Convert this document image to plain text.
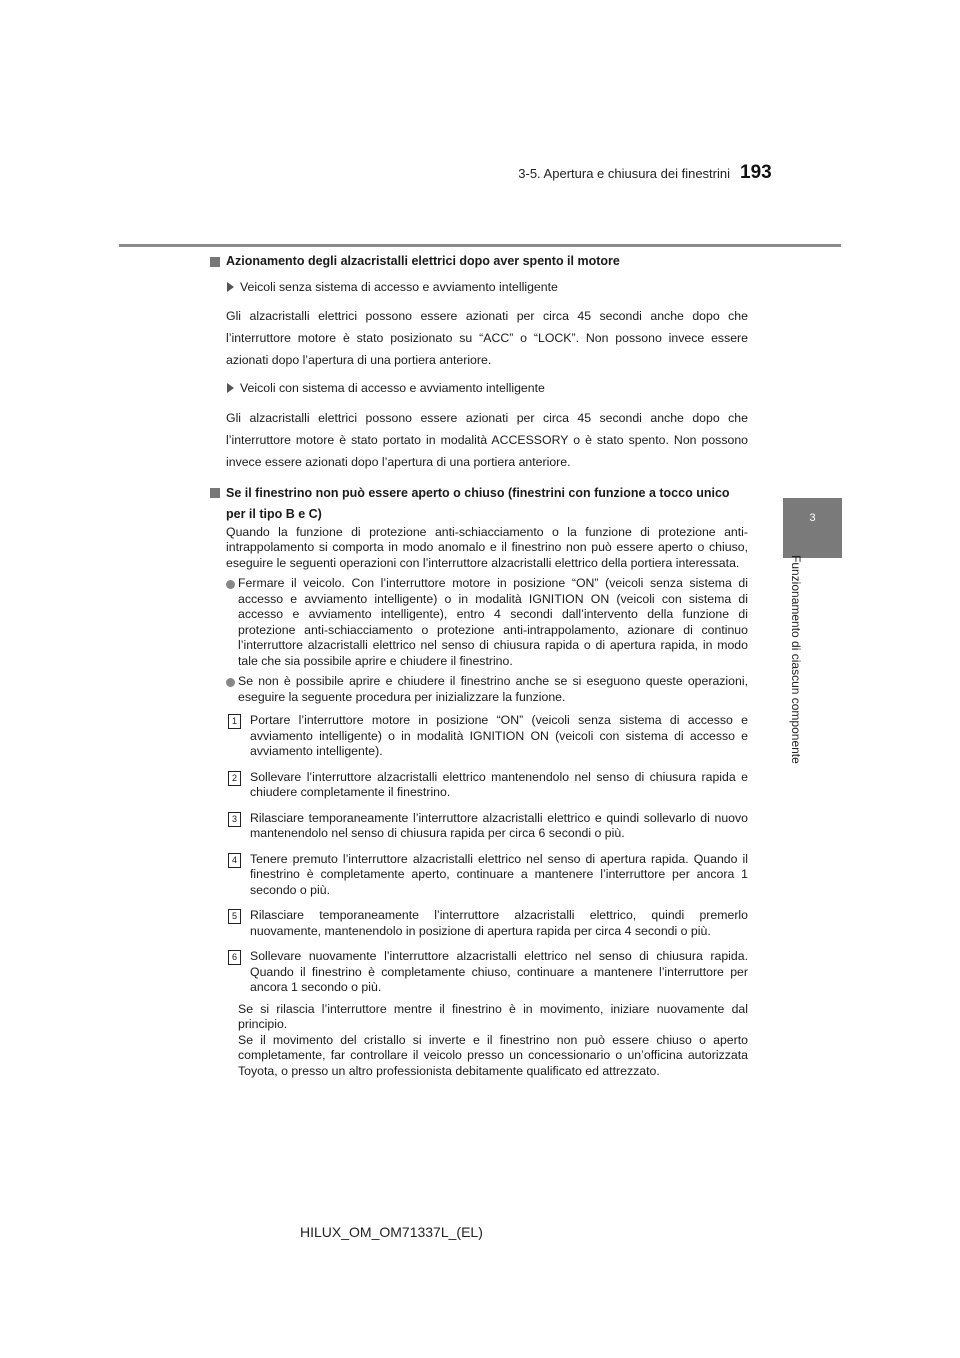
193
3-5. Apertura e chiusura dei finestrini
3
Funzionamento di ciascun componente

Azionamento degli alzacristalli elettrici dopo aver spento il motore

Veicoli senza sistema di accesso e avviamento intelligente

Gli alzacristalli elettrici possono essere azionati per circa 45 secondi anche dopo che l’interruttore motore è stato posizionato su “ACC” o “LOCK”. Non possono invece essere azionati dopo l’apertura di una portiera anteriore.

Veicoli con sistema di accesso e avviamento intelligente

Gli alzacristalli elettrici possono essere azionati per circa 45 secondi anche dopo che l’interruttore motore è stato portato in modalità ACCESSORY o è stato spento. Non possono invece essere azionati dopo l’apertura di una portiera anteriore.

Se il finestrino non può essere aperto o chiuso (finestrini con funzione a tocco unico per il tipo B e C)

Quando la funzione di protezione anti-schiacciamento o la funzione di protezione anti-intrappolamento si comporta in modo anomalo e il finestrino non può essere aperto o chiuso, eseguire le seguenti operazioni con l’interruttore alzacristalli elettrico della portiera interessata.

Fermare il veicolo. Con l’interruttore motore in posizione “ON” (veicoli senza sistema di accesso e avviamento intelligente) o in modalità IGNITION ON (veicoli con sistema di accesso e avviamento intelligente), entro 4 secondi dall’intervento della funzione di protezione anti-schiacciamento o protezione anti-intrappolamento, azionare di continuo l’interruttore alzacristalli elettrico nel senso di chiusura rapida o di apertura rapida, in modo tale che sia possibile aprire e chiudere il finestrino.

Se non è possibile aprire e chiudere il finestrino anche se si eseguono queste operazioni, eseguire la seguente procedura per inizializzare la funzione.

1	Portare l’interruttore motore in posizione “ON” (veicoli senza sistema di accesso e avviamento intelligente) o in modalità IGNITION ON (veicoli con sistema di accesso e avviamento intelligente).

2	Sollevare l’interruttore alzacristalli elettrico mantenendolo nel senso di chiusura rapida e chiudere completamente il finestrino.

3	Rilasciare temporaneamente l’interruttore alzacristalli elettrico e quindi sollevarlo di nuovo mantenendolo nel senso di chiusura rapida per circa 6 secondi o più.

4	Tenere premuto l’interruttore alzacristalli elettrico nel senso di apertura rapida. Quando il finestrino è completamente aperto, continuare a mantenere l’interruttore per ancora 1 secondo o più.

5	Rilasciare temporaneamente l’interruttore alzacristalli elettrico, quindi premerlo nuovamente, mantenendolo in posizione di apertura rapida per circa 4 secondi o più.

6	Sollevare nuovamente l’interruttore alzacristalli elettrico nel senso di chiusura rapida. Quando il finestrino è completamente chiuso, continuare a mantenere l’interruttore per ancora 1 secondo o più.

Se si rilascia l’interruttore mentre il finestrino è in movimento, iniziare nuovamente dal principio.

Se il movimento del cristallo si inverte e il finestrino non può essere chiuso o aperto completamente, far controllare il veicolo presso un concessionario o un’officina autorizzata Toyota, o presso un altro professionista debitamente qualificato ed attrezzato.

HILUX_OM_OM71337L_(EL)
